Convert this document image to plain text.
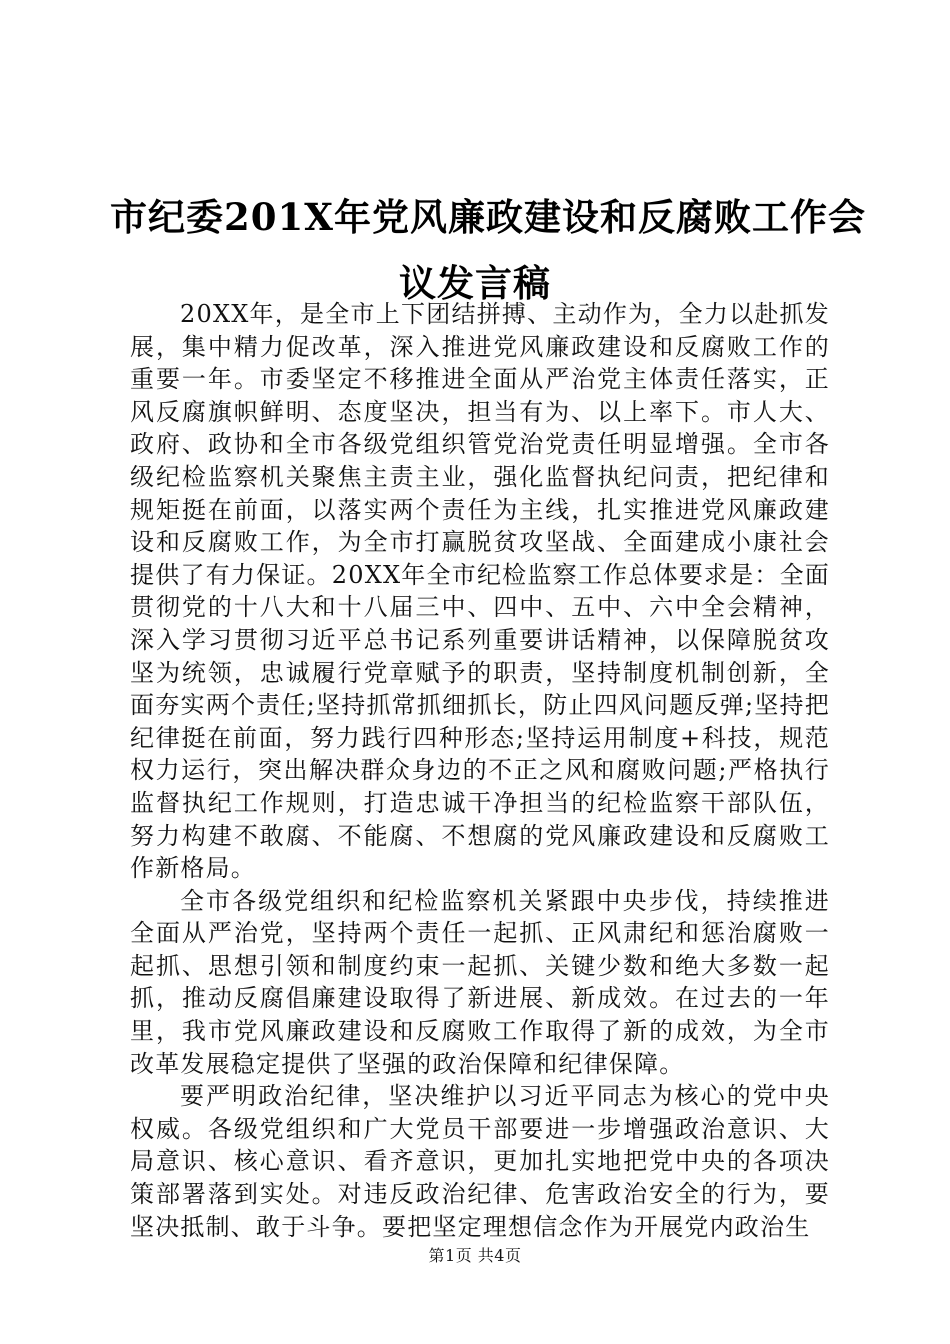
市纪委201X年党风廉政建设和反腐败工作会
议发言稿

20XX年，是全市上下团结拼搏、主动作为，全力以赴抓发展，集中精力促改革，深入推进党风廉政建设和反腐败工作的重要一年。市委坚定不移推进全面从严治党主体责任落实，正风反腐旗帜鲜明、态度坚决，担当有为、以上率下。市人大、政府、政协和全市各级党组织管党治党责任明显增强。全市各级纪检监察机关聚焦主责主业，强化监督执纪问责，把纪律和规矩挺在前面，以落实两个责任为主线，扎实推进党风廉政建设和反腐败工作，为全市打赢脱贫攻坚战、全面建成小康社会提供了有力保证。20XX年全市纪检监察工作总体要求是：全面贯彻党的十八大和十八届三中、四中、五中、六中全会精神，深入学习贯彻习近平总书记系列重要讲话精神，以保障脱贫攻坚为统领，忠诚履行党章赋予的职责，坚持制度机制创新，全面夯实两个责任;坚持抓常抓细抓长，防止四风问题反弹;坚持把纪律挺在前面，努力践行四种形态;坚持运用制度+科技，规范权力运行，突出解决群众身边的不正之风和腐败问题;严格执行监督执纪工作规则，打造忠诚干净担当的纪检监察干部队伍，努力构建不敢腐、不能腐、不想腐的党风廉政建设和反腐败工作新格局。

全市各级党组织和纪检监察机关紧跟中央步伐，持续推进全面从严治党，坚持两个责任一起抓、正风肃纪和惩治腐败一起抓、思想引领和制度约束一起抓、关键少数和绝大多数一起抓，推动反腐倡廉建设取得了新进展、新成效。在过去的一年里，我市党风廉政建设和反腐败工作取得了新的成效，为全市改革发展稳定提供了坚强的政治保障和纪律保障。

要严明政治纪律，坚决维护以习近平同志为核心的党中央权威。各级党组织和广大党员干部要进一步增强政治意识、大局意识、核心意识、看齐意识，更加扎实地把党中央的各项决策部署落到实处。对违反政治纪律、危害政治安全的行为，要坚决抵制、敢于斗争。要把坚定理想信念作为开展党内政治生

第1页 共4页
